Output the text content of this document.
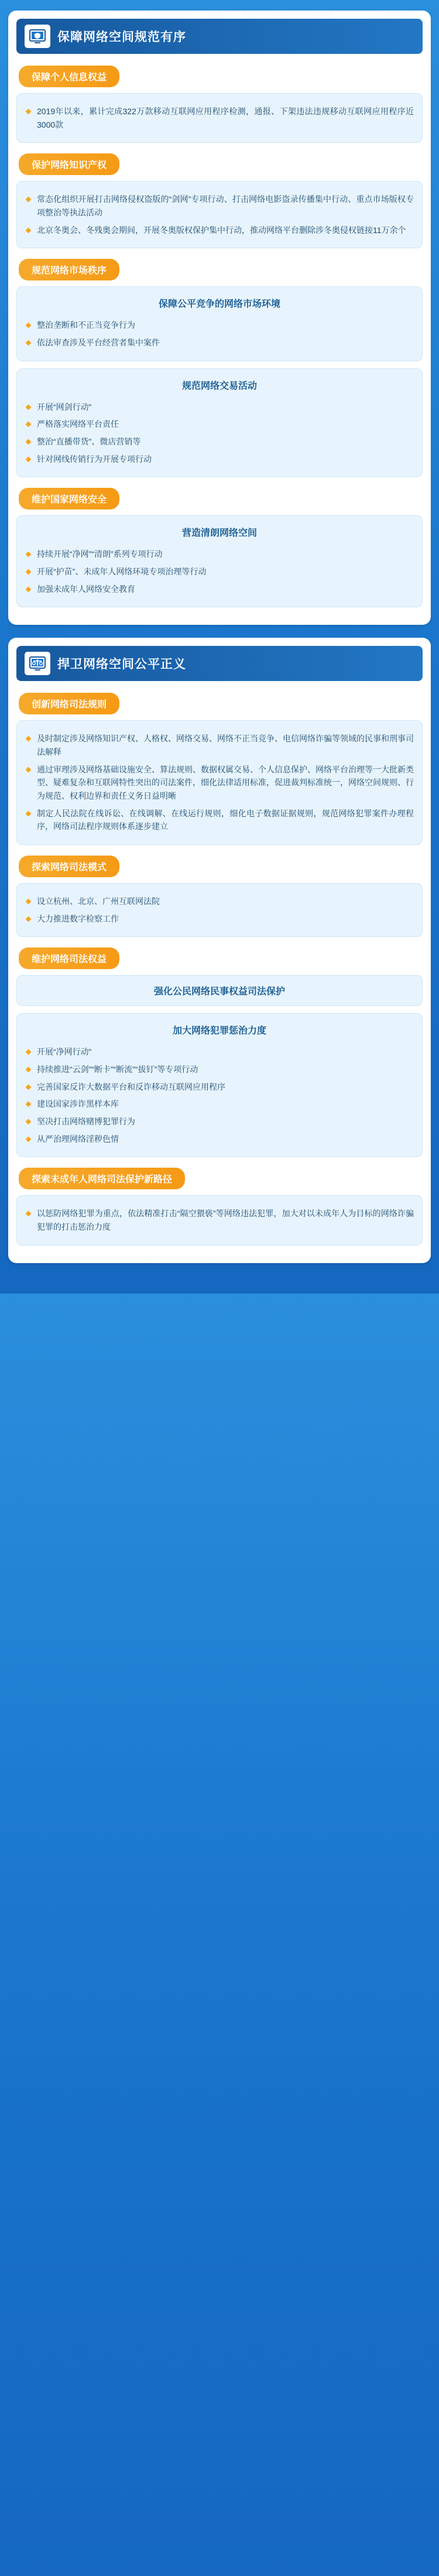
保障网络空间规范有序
保障个人信息权益
2019年以来，累计完成322万款移动互联网应用程序检测，通报、下架违法违规移动互联网应用程序近3000款
保护网络知识产权
常态化组织开展打击网络侵权盗版的“剑网”专项行动、打击网络电影盗录传播集中行动、重点市场版权专项整治等执法活动
北京冬奥会、冬残奥会期间，开展冬奥版权保护集中行动，推动网络平台删除涉冬奥侵权链接11万余个
规范网络市场秩序
保障公平竞争的网络市场环境
整治垄断和不正当竞争行为
依法审查涉及平台经营者集中案件
规范网络交易活动
开展“网剑行动”
严格落实网络平台责任
整治“直播带货”、微店营销等
针对网线传销行为开展专项行动
维护国家网络安全
营造清朗网络空间
持续开展“净网”“清朗”系列专项行动
开展“护苗”、未成年人网络环境专项治理等行动
加强未成年人网络安全教育
捍卫网络空间公平正义
创新网络司法规则
及时制定涉及网络知识产权、人格权、网络交易、网络不正当竞争、电信网络诈骗等领域的民事和刑事司法解释
通过审理涉及网络基础设施安全、算法规则、数据权属交易、个人信息保护、网络平台治理等一大批新类型、疑难复杂和互联网特性突出的司法案件，细化法律适用标准，促进裁判标准统一，网络空间规则、行为规范、权利边界和责任义务日益明晰
制定人民法院在线诉讼、在线调解、在线运行规则，细化电子数据证据规则，规范网络犯罪案件办理程序，网络司法程序规则体系逐步建立
探索网络司法模式
设立杭州、北京、广州互联网法院
大力推进数字检察工作
维护网络司法权益
强化公民网络民事权益司法保护
加大网络犯罪惩治力度
开展“净网行动”
持续推进“云剑”“断卡”“断流”“拔钉”等专项行动
完善国家反诈大数据平台和反诈移动互联网应用程序
建设国家涉诈黑样本库
坚决打击网络赌博犯罪行为
从严治理网络淫秽色情
探索未成年人网络司法保护新路径
以惩防网络犯罪为重点，依法精准打击“隔空猥亵”等网络违法犯罪，加大对以未成年人为目标的网络诈骗犯罪的打击惩治力度
